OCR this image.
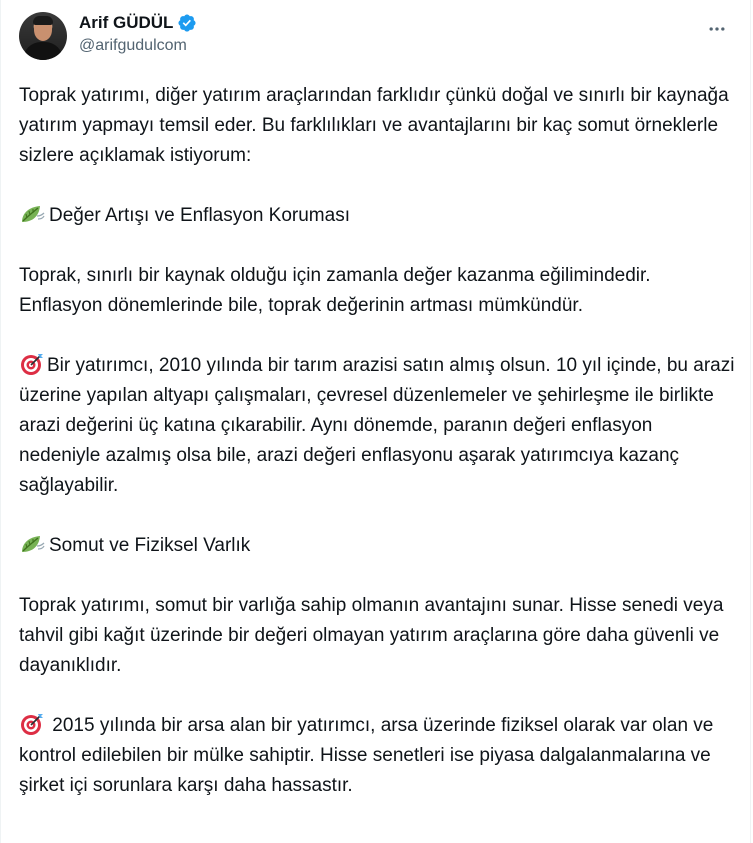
Arif GÜDÜL
@arifgudulcom

Toprak yatırımı, diğer yatırım araçlarından farklıdır çünkü doğal ve sınırlı bir kaynağa yatırım yapmayı temsil eder. Bu farklılıkları ve avantajlarını bir kaç somut örneklerle sizlere açıklamak istiyorum:

Değer Artışı ve Enflasyon Koruması

Toprak, sınırlı bir kaynak olduğu için zamanla değer kazanma eğilimindedir. Enflasyon dönemlerinde bile, toprak değerinin artması mümkündür.

Bir yatırımcı, 2010 yılında bir tarım arazisi satın almış olsun. 10 yıl içinde, bu arazi üzerine yapılan altyapı çalışmaları, çevresel düzenlemeler ve şehirleşme ile birlikte arazi değerini üç katına çıkarabilir. Aynı dönemde, paranın değeri enflasyon nedeniyle azalmış olsa bile, arazi değeri enflasyonu aşarak yatırımcıya kazanç sağlayabilir.

Somut ve Fiziksel Varlık

Toprak yatırımı, somut bir varlığa sahip olmanın avantajını sunar. Hisse senedi veya tahvil gibi kağıt üzerinde bir değeri olmayan yatırım araçlarına göre daha güvenli ve dayanıklıdır.

2015 yılında bir arsa alan bir yatırımcı, arsa üzerinde fiziksel olarak var olan ve kontrol edilebilen bir mülke sahiptir. Hisse senetleri ise piyasa dalgalanmalarına ve şirket içi sorunlara karşı daha hassastır.
